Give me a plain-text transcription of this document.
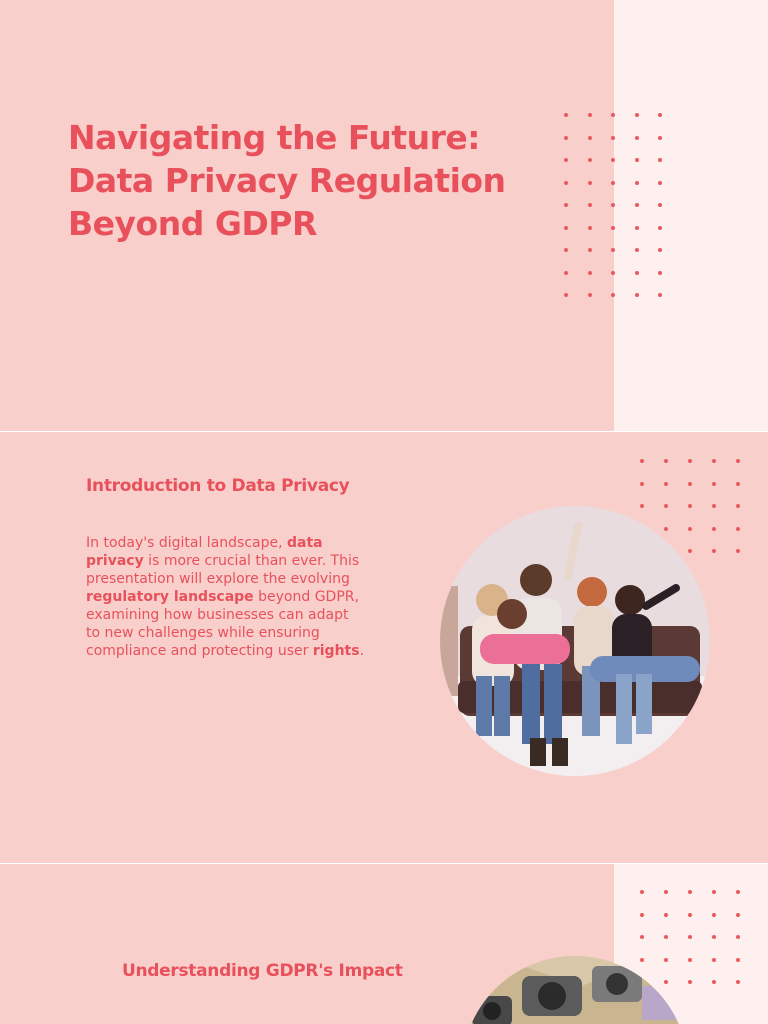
Navigating the Future:
Data Privacy Regulation
Beyond GDPR
Introduction to Data Privacy

In today's digital landscape, data privacy is more crucial than ever. This presentation will explore the evolving regulatory landscape beyond GDPR, examining how businesses can adapt to new challenges while ensuring compliance and protecting user rights.

Understanding GDPR's Impact
